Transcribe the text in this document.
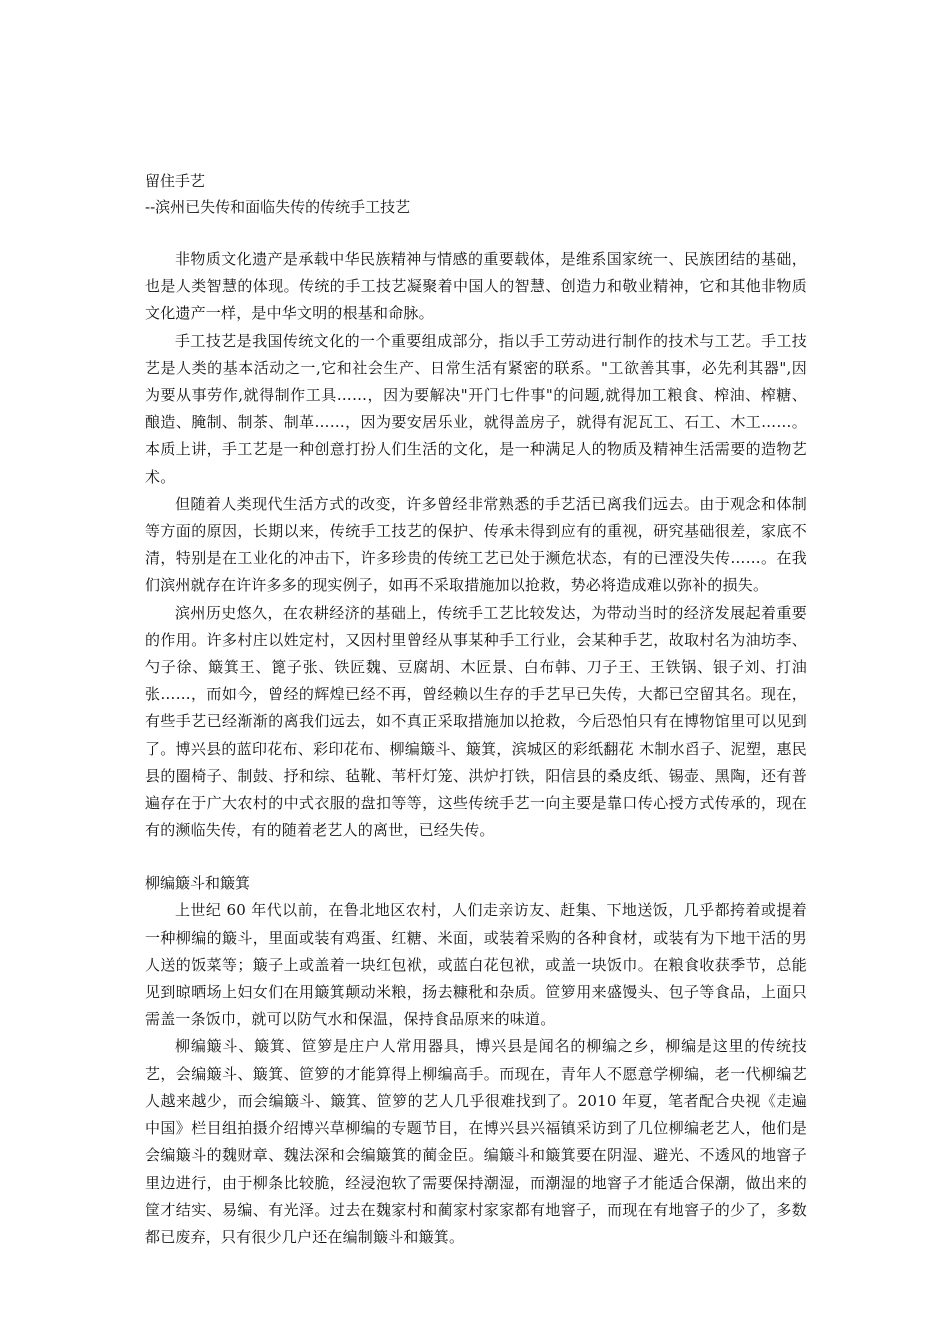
留住手艺

--滨州已失传和面临失传的传统手工技艺

非物质文化遗产是承载中华民族精神与情感的重要载体，是维系国家统一、民族团结的基础，也是人类智慧的体现。传统的手工技艺凝聚着中国人的智慧、创造力和敬业精神，它和其他非物质文化遗产一样，是中华文明的根基和命脉。

手工技艺是我国传统文化的一个重要组成部分，指以手工劳动进行制作的技术与工艺。手工技艺是人类的基本活动之一,它和社会生产、日常生活有紧密的联系。"工欲善其事，必先利其器",因为要从事劳作,就得制作工具……，因为要解决"开门七件事"的问题,就得加工粮食、榨油、榨糖、酿造、腌制、制茶、制革……，因为要安居乐业，就得盖房子，就得有泥瓦工、石工、木工……。本质上讲，手工艺是一种创意打扮人们生活的文化，是一种满足人的物质及精神生活需要的造物艺术。

但随着人类现代生活方式的改变，许多曾经非常熟悉的手艺活已离我们远去。由于观念和体制等方面的原因，长期以来，传统手工技艺的保护、传承未得到应有的重视，研究基础很差，家底不清，特别是在工业化的冲击下，许多珍贵的传统工艺已处于濒危状态，有的已湮没失传……。在我们滨州就存在许许多多的现实例子，如再不采取措施加以抢救，势必将造成难以弥补的损失。

滨州历史悠久，在农耕经济的基础上，传统手工艺比较发达，为带动当时的经济发展起着重要的作用。许多村庄以姓定村，又因村里曾经从事某种手工行业，会某种手艺，故取村名为油坊李、勺子徐、簸箕王、篦子张、铁匠魏、豆腐胡、木匠景、白布韩、刀子王、王铁锅、银子刘、打油张……，而如今，曾经的辉煌已经不再，曾经赖以生存的手艺早已失传，大都已空留其名。现在，有些手艺已经渐渐的离我们远去，如不真正采取措施加以抢救，今后恐怕只有在博物馆里可以见到了。博兴县的蓝印花布、彩印花布、柳编簸斗、簸箕，滨城区的彩纸翻花 木制水舀子、泥塑，惠民县的圈椅子、制鼓、抒和综、毡靴、苇杆灯笼、洪炉打铁，阳信县的桑皮纸、锡壶、黑陶，还有普遍存在于广大农村的中式衣服的盘扣等等，这些传统手艺一向主要是靠口传心授方式传承的，现在有的濒临失传，有的随着老艺人的离世，已经失传。

柳编簸斗和簸箕

上世纪 60 年代以前，在鲁北地区农村，人们走亲访友、赶集、下地送饭，几乎都挎着或提着一种柳编的簸斗，里面或装有鸡蛋、红糖、米面，或装着采购的各种食材，或装有为下地干活的男人送的饭菜等；簸子上或盖着一块红包袱，或蓝白花包袱，或盖一块饭巾。在粮食收获季节，总能见到晾晒场上妇女们在用簸箕颠动米粮，扬去糠秕和杂质。笸箩用来盛馒头、包子等食品，上面只需盖一条饭巾，就可以防气水和保温，保持食品原来的味道。

柳编簸斗、簸箕、笸箩是庄户人常用器具，博兴县是闻名的柳编之乡，柳编是这里的传统技艺，会编簸斗、簸箕、笸箩的才能算得上柳编高手。而现在，青年人不愿意学柳编，老一代柳编艺人越来越少，而会编簸斗、簸箕、笸箩的艺人几乎很难找到了。2010 年夏，笔者配合央视《走遍中国》栏目组拍摄介绍博兴草柳编的专题节目，在博兴县兴福镇采访到了几位柳编老艺人，他们是会编簸斗的魏财章、魏法深和会编簸箕的蔺金臣。编簸斗和簸箕要在阴湿、避光、不透风的地窨子里边进行，由于柳条比较脆，经浸泡软了需要保持潮湿，而潮湿的地窨子才能适合保潮，做出来的筐才结实、易编、有光泽。过去在魏家村和蔺家村家家都有地窨子，而现在有地窨子的少了，多数都已废弃，只有很少几户还在编制簸斗和簸箕。
